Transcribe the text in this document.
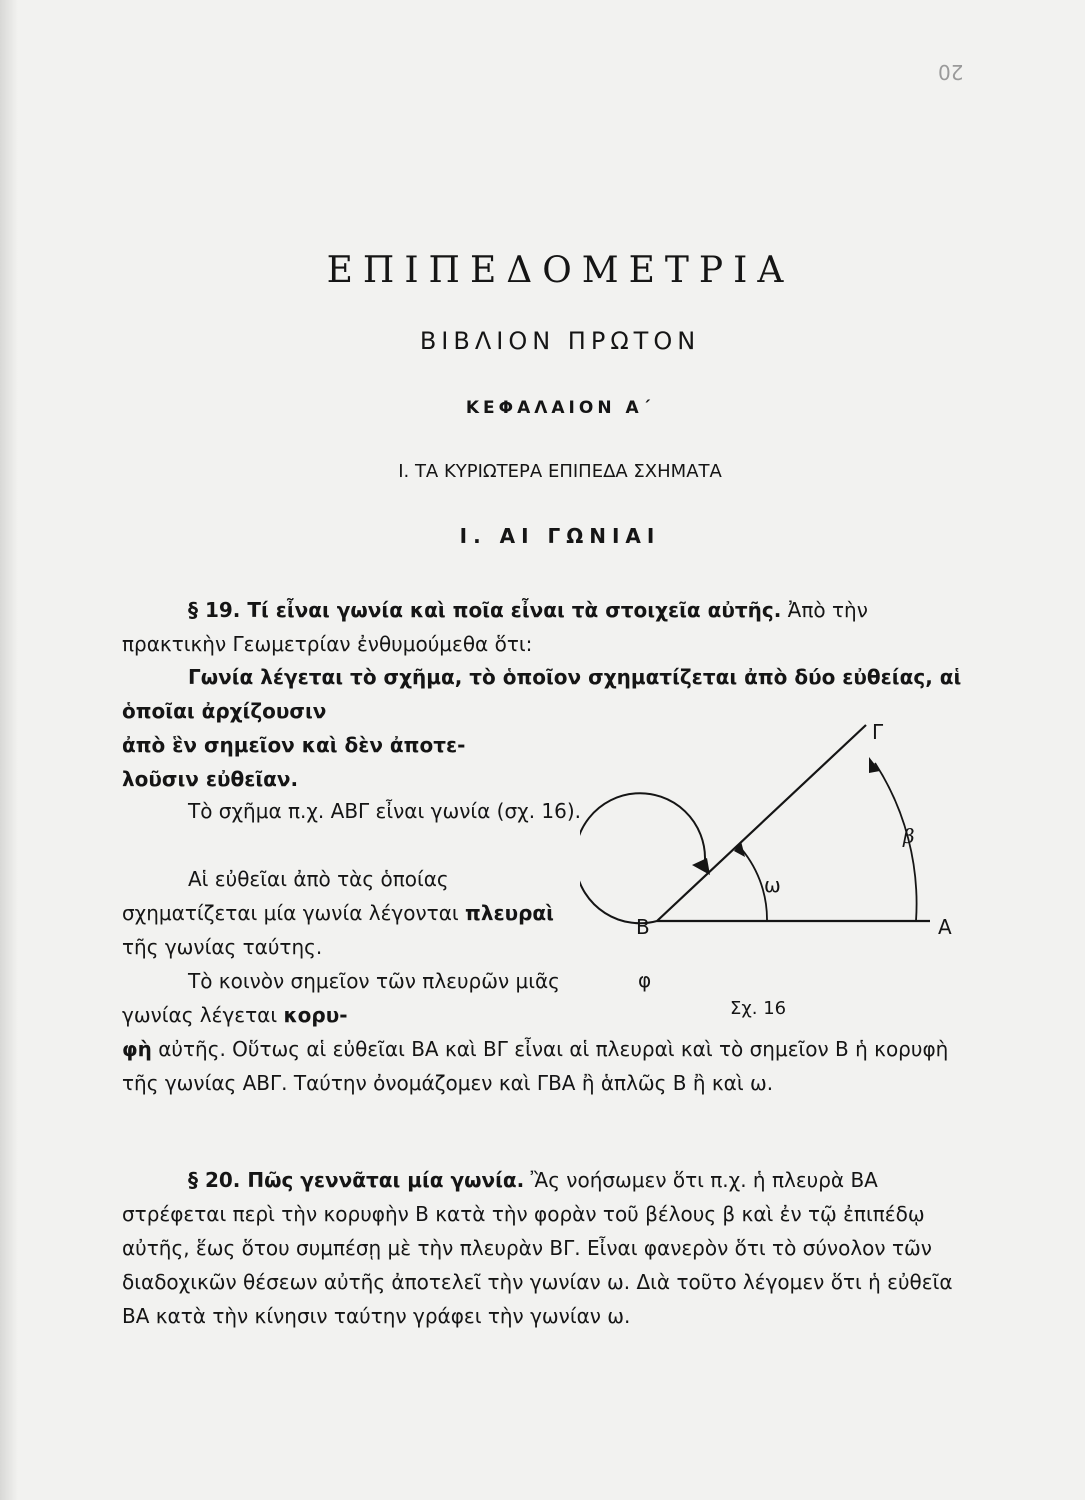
20
ΕΠΙΠΕΔΟΜΕΤΡΙΑ
ΒΙΒΛΙΟΝ ΠΡΩΤΟΝ
ΚΕΦΑΛΑΙΟΝ Α΄
Ι. ΤΑ ΚΥΡΙΩΤΕΡΑ ΕΠΙΠΕΔΑ ΣΧΗΜΑΤΑ
Ι. ΑΙ ΓΩΝΙΑΙ

§ 19. Τί εἶναι γωνία καὶ ποῖα εἶναι τὰ στοιχεῖα αὐτῆς. Ἀπὸ τὴν πρακτικὴν Γεωμετρίαν ἐνθυμούμεθα ὅτι:

Γωνία λέγεται τὸ σχῆμα, τὸ ὁποῖον σχηματίζεται ἀπὸ δύο εὐθείας, αἱ ὁποῖαι ἀρχίζουσιν
ἀπὸ ἓν σημεῖον καὶ δὲν ἀποτε-
λοῦσιν εὐθεῖαν.

Τὸ σχῆμα π.χ. ΑΒΓ εἶναι γωνία (σχ. 16).

Αἱ εὐθεῖαι ἀπὸ τὰς ὁποίας σχηματίζεται μία γωνία λέγονται πλευραὶ τῆς γωνίας ταύτης.

Τὸ κοινὸν σημεῖον τῶν πλευρῶν μιᾶς γωνίας λέγεται κορυ-

φὴ αὐτῆς. Οὕτως αἱ εὐθεῖαι ΒΑ καὶ ΒΓ εἶναι αἱ πλευραὶ καὶ τὸ σημεῖον Β ἡ κορυφὴ τῆς γωνίας ΑΒΓ. Ταύτην ὀνομάζομεν καὶ ΓΒΑ ἢ ἁπλῶς Β ἢ καὶ ω.

§ 20. Πῶς γεννᾶται μία γωνία. Ἂς νοήσωμεν ὅτι π.χ. ἡ πλευρὰ ΒΑ στρέφεται περὶ τὴν κορυφὴν Β κατὰ τὴν φορὰν τοῦ βέλους β καὶ ἐν τῷ ἐπιπέδῳ αὐτῆς, ἕως ὅτου συμπέσῃ μὲ τὴν πλευρὰν ΒΓ. Εἶναι φανερὸν ὅτι τὸ σύνολον τῶν διαδοχικῶν θέσεων αὐτῆς ἀποτελεῖ τὴν γωνίαν ω. Διὰ τοῦτο λέγομεν ὅτι ἡ εὐθεῖα ΒΑ κατὰ τὴν κίνησιν ταύτην γράφει τὴν γωνίαν ω.

Β	Α
Γ
ω
β
φ
Σχ. 16
